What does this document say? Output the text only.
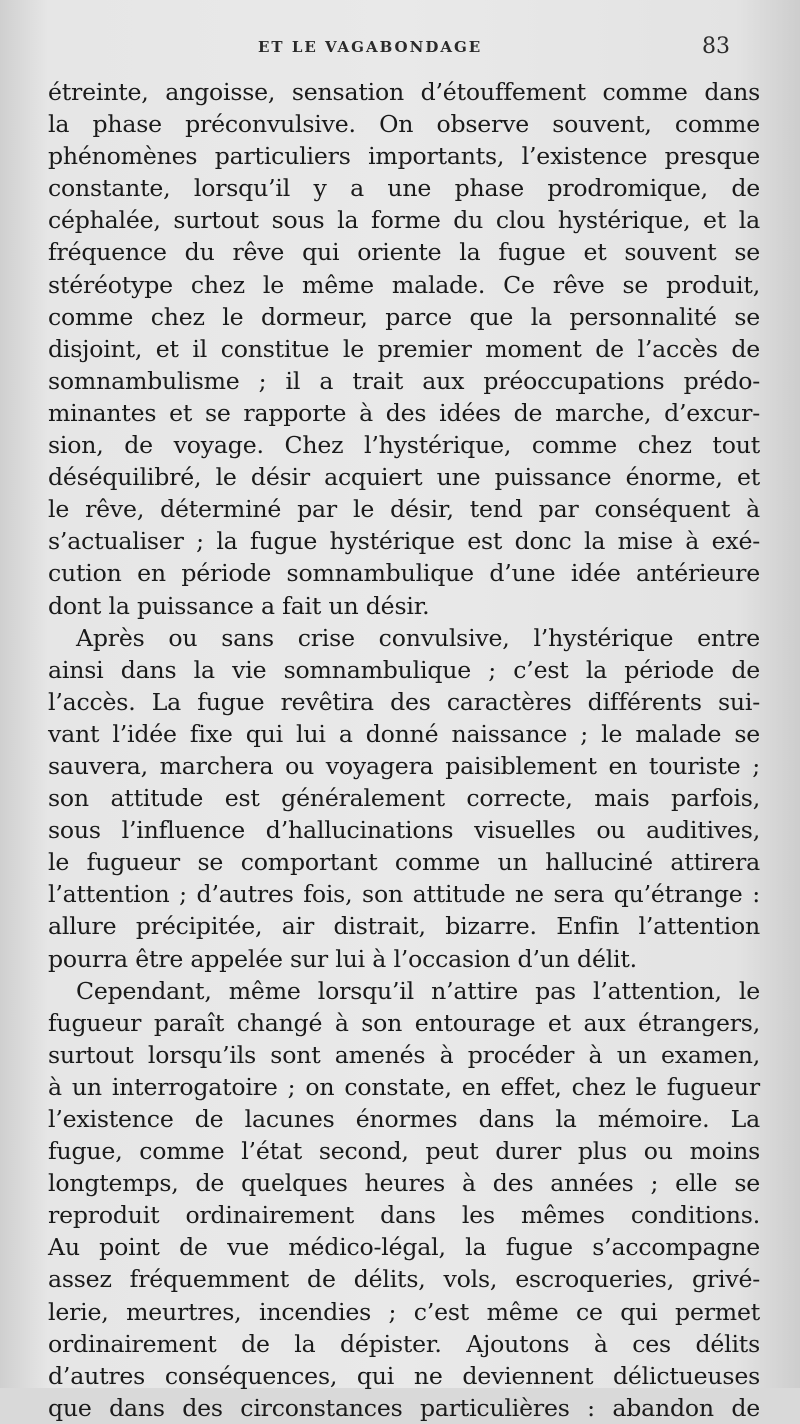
ET LE VAGABONDAGE	83
étreinte, angoisse, sensation d’étouffement comme dans
la phase préconvulsive. On observe souvent, comme
phénomènes particuliers importants, l’existence presque
constante, lorsqu’il y a une phase prodromique, de
céphalée, surtout sous la forme du clou hystérique, et la
fréquence du rêve qui oriente la fugue et souvent se
stéréotype chez le même malade. Ce rêve se produit,
comme chez le dormeur, parce que la personnalité se
disjoint, et il constitue le premier moment de l’accès de
somnambulisme ; il a trait aux préoccupations prédo-
minantes et se rapporte à des idées de marche, d’excur-
sion, de voyage. Chez l’hystérique, comme chez tout
déséquilibré, le désir acquiert une puissance énorme, et
le rêve, déterminé par le désir, tend par conséquent à
s’actualiser ; la fugue hystérique est donc la mise à exé-
cution en période somnambulique d’une idée antérieure
dont la puissance a fait un désir.
Après ou sans crise convulsive, l’hystérique entre
ainsi dans la vie somnambulique ; c’est la période de
l’accès. La fugue revêtira des caractères différents sui-
vant l’idée fixe qui lui a donné naissance ; le malade se
sauvera, marchera ou voyagera paisiblement en touriste ;
son attitude est généralement correcte, mais parfois,
sous l’influence d’hallucinations visuelles ou auditives,
le fugueur se comportant comme un halluciné attirera
l’attention ; d’autres fois, son attitude ne sera qu’étrange :
allure précipitée, air distrait, bizarre. Enfin l’attention
pourra être appelée sur lui à l’occasion d’un délit.
Cependant, même lorsqu’il n’attire pas l’attention, le
fugueur paraît changé à son entourage et aux étrangers,
surtout lorsqu’ils sont amenés à procéder à un examen,
à un interrogatoire ; on constate, en effet, chez le fugueur
l’existence de lacunes énormes dans la mémoire. La
fugue, comme l’état second, peut durer plus ou moins
longtemps, de quelques heures à des années ; elle se
reproduit ordinairement dans les mêmes conditions.
Au point de vue médico-légal, la fugue s’accompagne
assez fréquemment de délits, vols, escroqueries, grivé-
lerie, meurtres, incendies ; c’est même ce qui permet
ordinairement de la dépister. Ajoutons à ces délits
d’autres conséquences, qui ne deviennent délictueuses
que dans des circonstances particulières : abandon de
